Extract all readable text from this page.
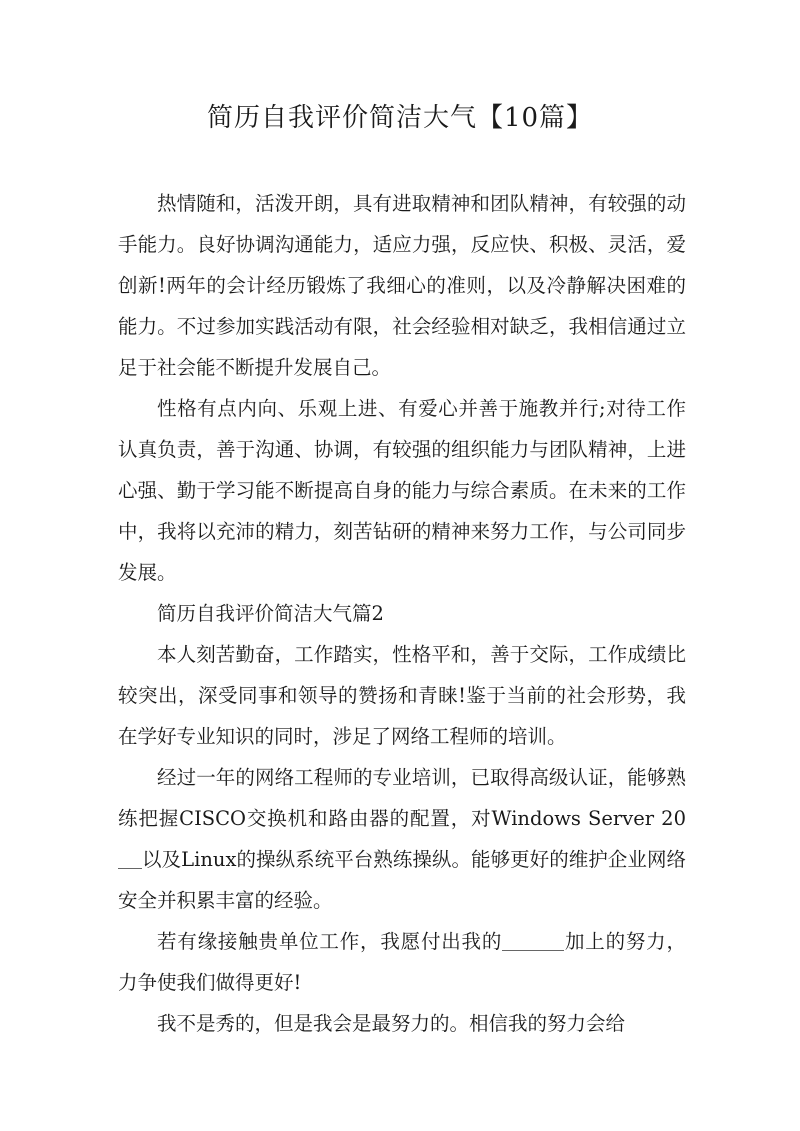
简历自我评价简洁大气【10篇】

热情随和，活泼开朗，具有进取精神和团队精神，有较强的动手能力。良好协调沟通能力，适应力强，反应快、积极、灵活，爱创新!两年的会计经历锻炼了我细心的准则，以及冷静解决困难的能力。不过参加实践活动有限，社会经验相对缺乏，我相信通过立足于社会能不断提升发展自己。

性格有点内向、乐观上进、有爱心并善于施教并行;对待工作认真负责，善于沟通、协调，有较强的组织能力与团队精神，上进心强、勤于学习能不断提高自身的能力与综合素质。在未来的工作中，我将以充沛的精力，刻苦钻研的精神来努力工作，与公司同步发展。

简历自我评价简洁大气篇2

本人刻苦勤奋，工作踏实，性格平和，善于交际，工作成绩比较突出，深受同事和领导的赞扬和青睐!鉴于当前的社会形势，我在学好专业知识的同时，涉足了网络工程师的培训。

经过一年的网络工程师的专业培训，已取得高级认证，能够熟练把握CISCO交换机和路由器的配置，对Windows Server 20以及Linux的操纵系统平台熟练操纵。能够更好的维护企业网络安全并积累丰富的经验。

若有缘接触贵单位工作，我愿付出我的	加上的努力，力争使我们做得更好!

我不是秀的，但是我会是最努力的。相信我的努力会给
